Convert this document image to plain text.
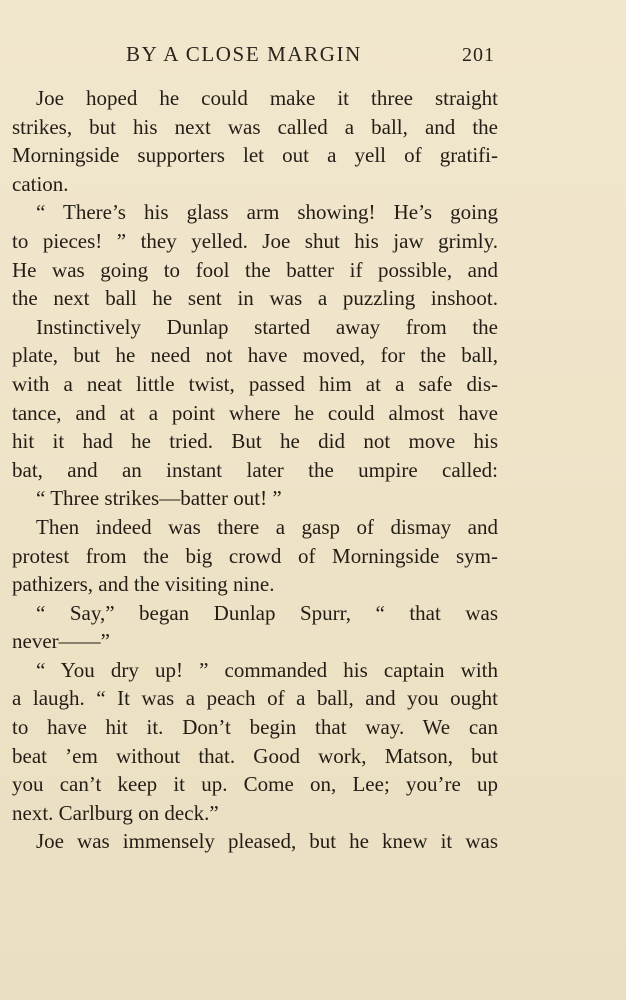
BY A CLOSE MARGIN	201
Joe hoped he could make it three straight
strikes, but his next was called a ball, and the
Morningside supporters let out a yell of gratifi-
cation.
“ There’s his glass arm showing! He’s going
to pieces! ” they yelled. Joe shut his jaw grimly.
He was going to fool the batter if possible, and
the next ball he sent in was a puzzling inshoot.
Instinctively Dunlap started away from the
plate, but he need not have moved, for the ball,
with a neat little twist, passed him at a safe dis-
tance, and at a point where he could almost have
hit it had he tried. But he did not move his
bat, and an instant later the umpire called:
“ Three strikes—batter out! ”
Then indeed was there a gasp of dismay and
protest from the big crowd of Morningside sym-
pathizers, and the visiting nine.
“ Say,” began Dunlap Spurr, “ that was
never——”
“ You dry up! ” commanded his captain with
a laugh. “ It was a peach of a ball, and you ought
to have hit it. Don’t begin that way. We can
beat ’em without that. Good work, Matson, but
you can’t keep it up. Come on, Lee; you’re up
next. Carlburg on deck.”
Joe was immensely pleased, but he knew it was
